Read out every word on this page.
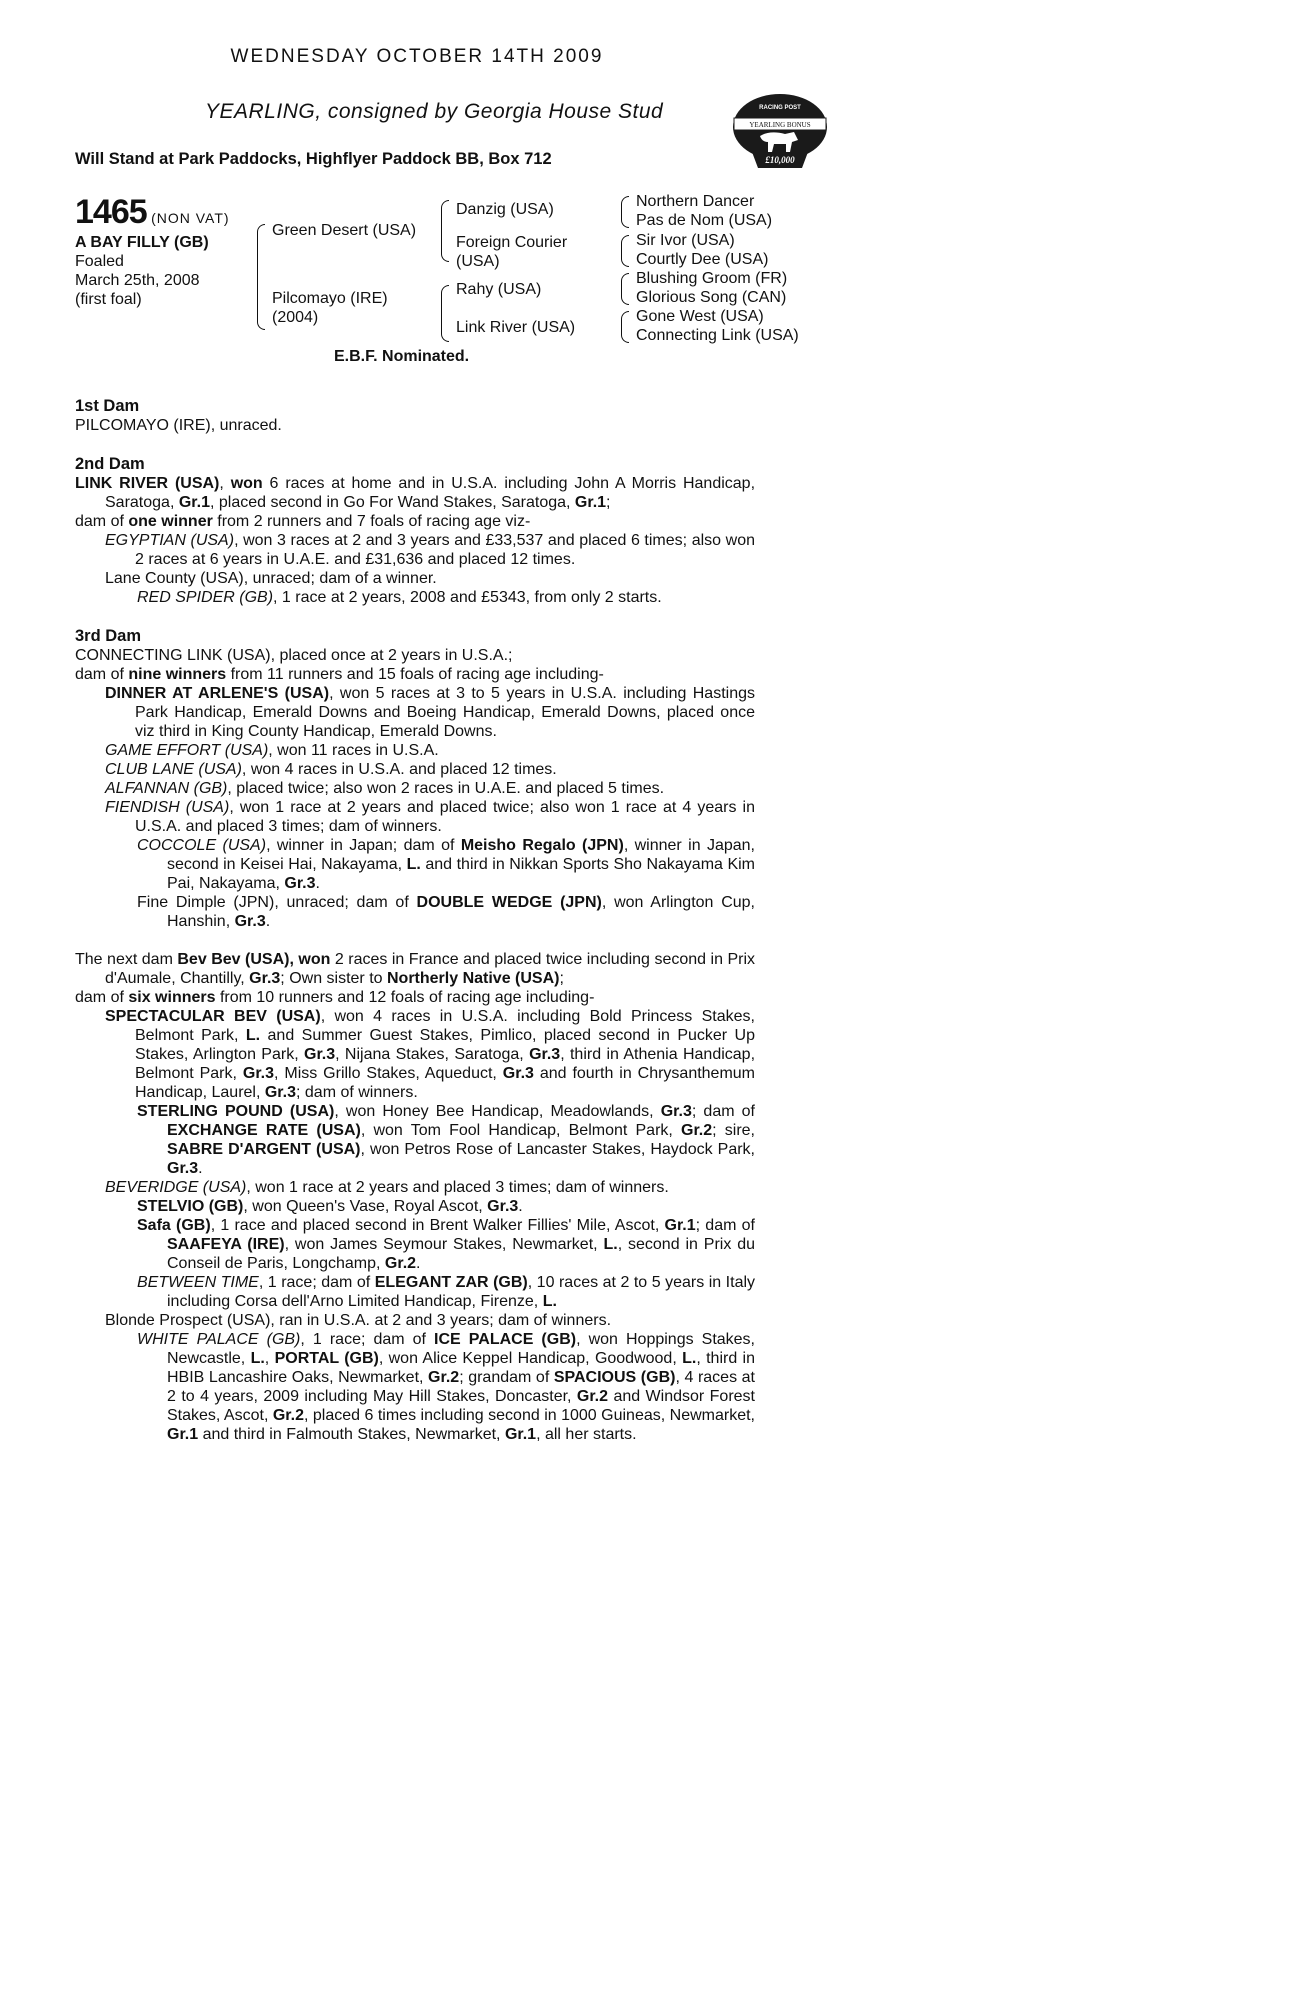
WEDNESDAY OCTOBER 14TH 2009
YEARLING, consigned by Georgia House Stud
Will Stand at Park Paddocks, Highflyer Paddock BB, Box 712
RACING POST
YEARLING BONUS
£10,000
1465 (NON VAT)
A BAY FILLY (GB)
Foaled
March 25th, 2008
(first foal)
Green Desert (USA)
Pilcomayo (IRE)
(2004)
Danzig (USA)
Foreign Courier
(USA)
Rahy (USA)
Link River (USA)
Northern Dancer
Pas de Nom (USA)
Sir Ivor (USA)
Courtly Dee (USA)
Blushing Groom (FR)
Glorious Song (CAN)
Gone West (USA)
Connecting Link (USA)
E.B.F. Nominated.
1st Dam

PILCOMAYO (IRE), unraced.

2nd Dam

LINK RIVER (USA), won 6 races at home and in U.S.A. including John A Morris Handicap, Saratoga, Gr.1, placed second in Go For Wand Stakes, Saratoga, Gr.1;

dam of one winner from 2 runners and 7 foals of racing age viz-

EGYPTIAN (USA), won 3 races at 2 and 3 years and £33,537 and placed 6 times; also won 2 races at 6 years in U.A.E. and £31,636 and placed 12 times.

Lane County (USA), unraced; dam of a winner.

RED SPIDER (GB), 1 race at 2 years, 2008 and £5343, from only 2 starts.

3rd Dam

CONNECTING LINK (USA), placed once at 2 years in U.S.A.;

dam of nine winners from 11 runners and 15 foals of racing age including-

DINNER AT ARLENE'S (USA), won 5 races at 3 to 5 years in U.S.A. including Hastings Park Handicap, Emerald Downs and Boeing Handicap, Emerald Downs, placed once viz third in King County Handicap, Emerald Downs.

GAME EFFORT (USA), won 11 races in U.S.A.

CLUB LANE (USA), won 4 races in U.S.A. and placed 12 times.

ALFANNAN (GB), placed twice; also won 2 races in U.A.E. and placed 5 times.

FIENDISH (USA), won 1 race at 2 years and placed twice; also won 1 race at 4 years in U.S.A. and placed 3 times; dam of winners.

COCCOLE (USA), winner in Japan; dam of Meisho Regalo (JPN), winner in Japan, second in Keisei Hai, Nakayama, L. and third in Nikkan Sports Sho Nakayama Kim Pai, Nakayama, Gr.3.

Fine Dimple (JPN), unraced; dam of DOUBLE WEDGE (JPN), won Arlington Cup, Hanshin, Gr.3.

The next dam Bev Bev (USA), won 2 races in France and placed twice including second in Prix d'Aumale, Chantilly, Gr.3; Own sister to Northerly Native (USA);

dam of six winners from 10 runners and 12 foals of racing age including-

SPECTACULAR BEV (USA), won 4 races in U.S.A. including Bold Princess Stakes, Belmont Park, L. and Summer Guest Stakes, Pimlico, placed second in Pucker Up Stakes, Arlington Park, Gr.3, Nijana Stakes, Saratoga, Gr.3, third in Athenia Handicap, Belmont Park, Gr.3, Miss Grillo Stakes, Aqueduct, Gr.3 and fourth in Chrysanthemum Handicap, Laurel, Gr.3; dam of winners.

STERLING POUND (USA), won Honey Bee Handicap, Meadowlands, Gr.3; dam of EXCHANGE RATE (USA), won Tom Fool Handicap, Belmont Park, Gr.2; sire, SABRE D'ARGENT (USA), won Petros Rose of Lancaster Stakes, Haydock Park, Gr.3.

BEVERIDGE (USA), won 1 race at 2 years and placed 3 times; dam of winners.

STELVIO (GB), won Queen's Vase, Royal Ascot, Gr.3.

Safa (GB), 1 race and placed second in Brent Walker Fillies' Mile, Ascot, Gr.1; dam of SAAFEYA (IRE), won James Seymour Stakes, Newmarket, L., second in Prix du Conseil de Paris, Longchamp, Gr.2.

BETWEEN TIME, 1 race; dam of ELEGANT ZAR (GB), 10 races at 2 to 5 years in Italy including Corsa dell'Arno Limited Handicap, Firenze, L.

Blonde Prospect (USA), ran in U.S.A. at 2 and 3 years; dam of winners.

WHITE PALACE (GB), 1 race; dam of ICE PALACE (GB), won Hoppings Stakes, Newcastle, L., PORTAL (GB), won Alice Keppel Handicap, Goodwood, L., third in HBIB Lancashire Oaks, Newmarket, Gr.2; grandam of SPACIOUS (GB), 4 races at 2 to 4 years, 2009 including May Hill Stakes, Doncaster, Gr.2 and Windsor Forest Stakes, Ascot, Gr.2, placed 6 times including second in 1000 Guineas, Newmarket, Gr.1 and third in Falmouth Stakes, Newmarket, Gr.1, all her starts.
